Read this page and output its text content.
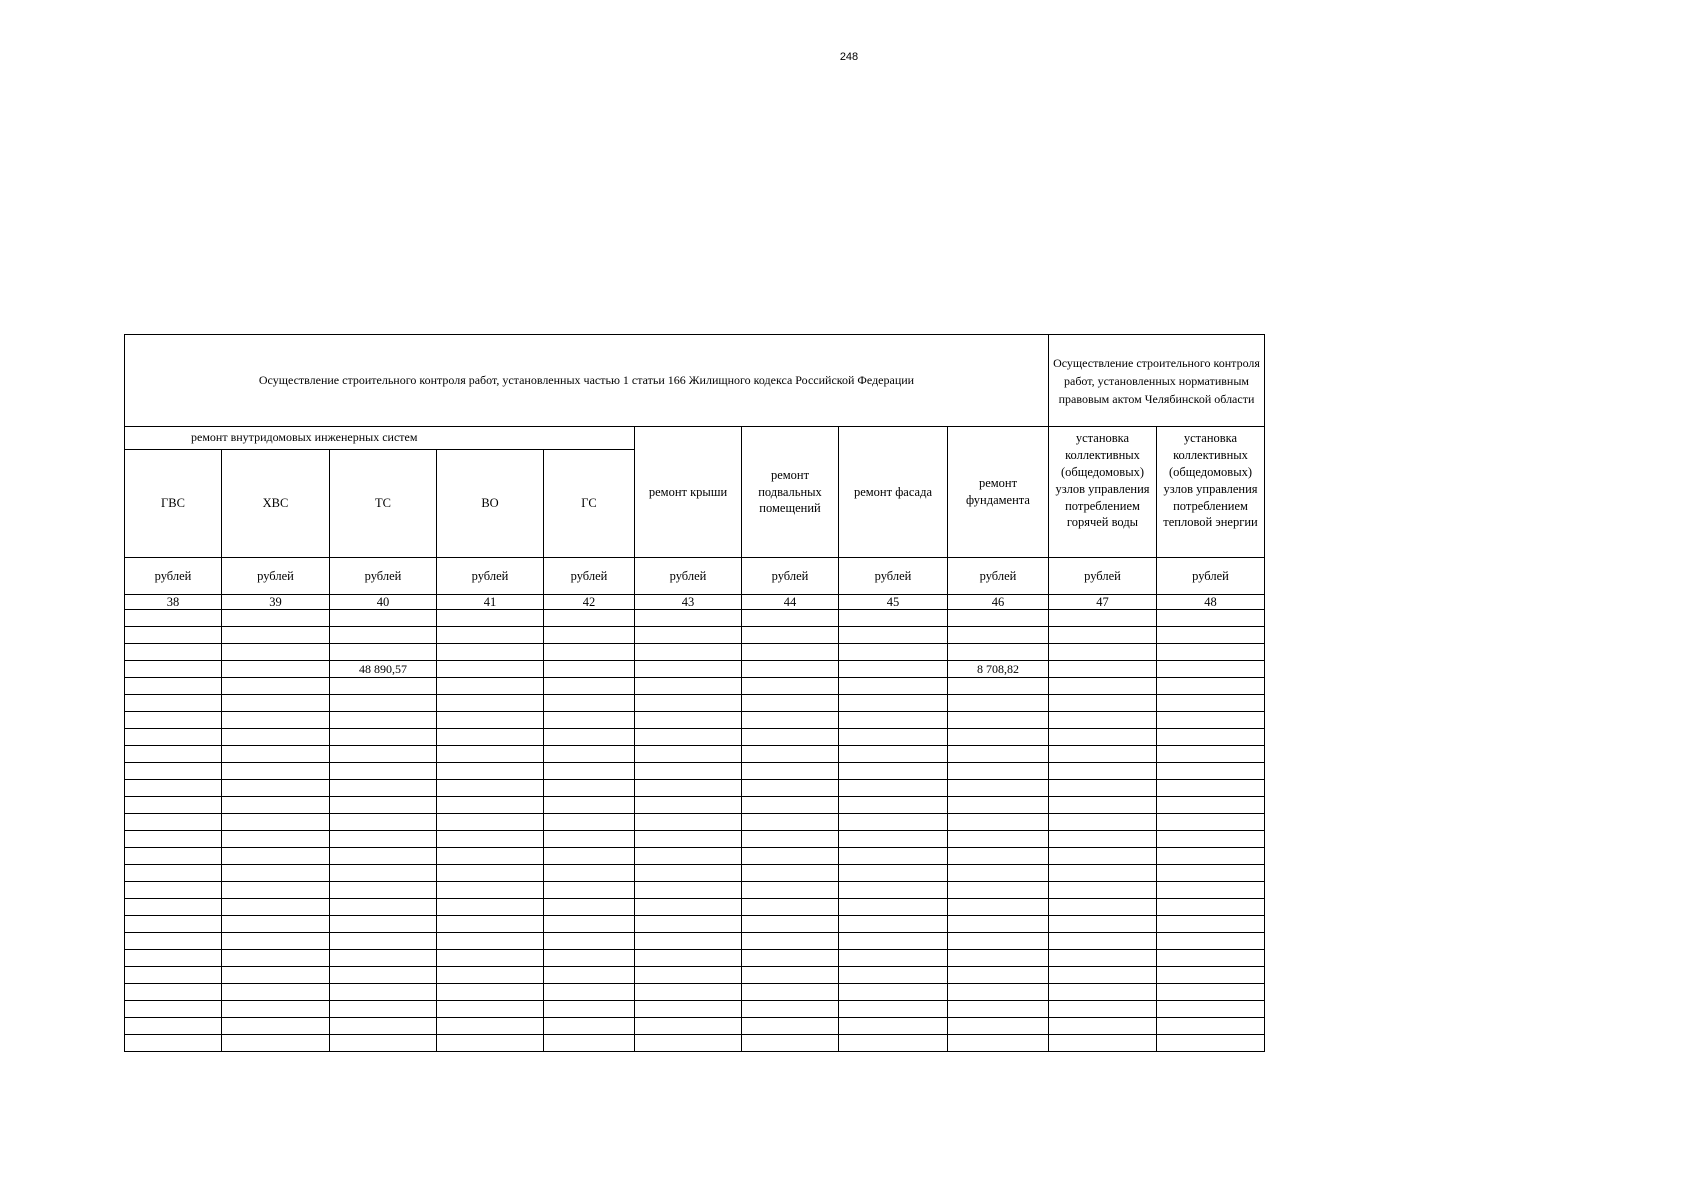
248
Осуществление строительного контроля работ, установленных частью 1 статьи 166 Жилищного кодекса Российской Федерации									Осуществление строительного контроля работ, установленных нормативным правовым актом Челябинской области	
ремонт внутридомовых инженерных систем					ремонт крыши	ремонт подвальных помещений	ремонт фасада	ремонт фундамента	установка коллективных (общедомовых) узлов управления потреблением горячей воды	установка коллективных (общедомовых) узлов управления потреблением тепловой энергии
ГВС	ХВС	ТС	ВО	ГС						
рублей	рублей	рублей	рублей	рублей	рублей	рублей	рублей	рублей	рублей	рублей
38	39	40	41	42	43	44	45	46	47	48

		48 890,57						8 708,82		
